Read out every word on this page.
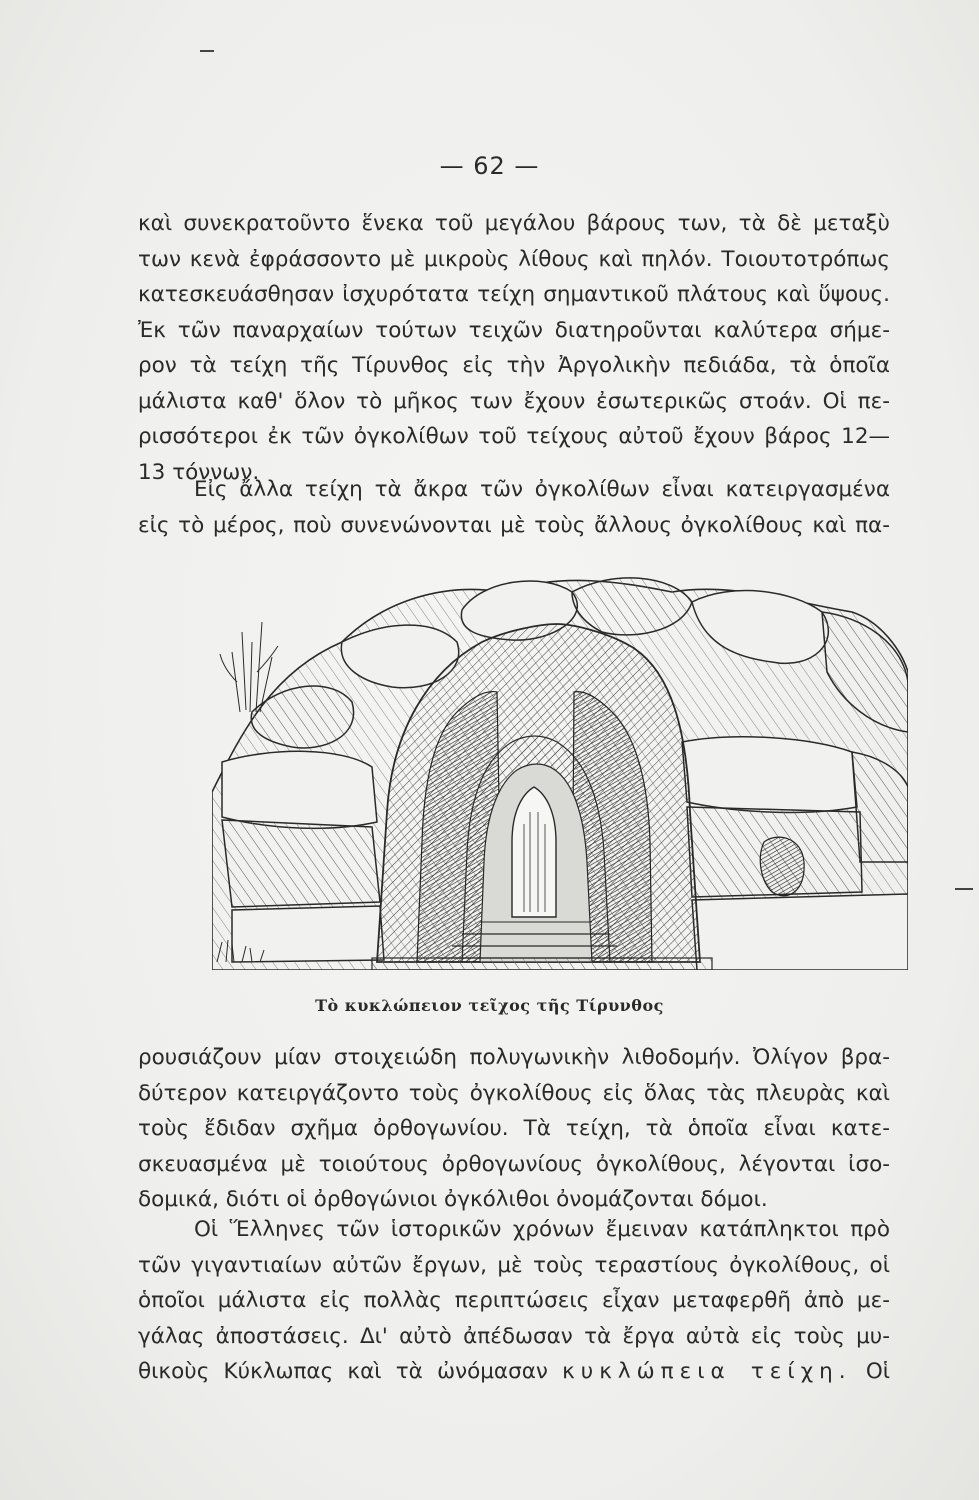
— 62 —
καὶ συνεκρατοῦντο ἕνεκα τοῦ μεγάλου βάρους των, τὰ δὲ μεταξὺ
των κενὰ ἐφράσσοντο μὲ μικροὺς λίθους καὶ πηλόν. Τοιουτοτρόπως
κατεσκευάσθησαν ἰσχυρότατα τείχη σημαντικοῦ πλάτους καὶ ὕψους.
Ἐκ τῶν παναρχαίων τούτων τειχῶν διατηροῦνται καλύτερα σήμε-
ρον τὰ τείχη τῆς Τίρυνθος εἰς τὴν Ἀργολικὴν πεδιάδα, τὰ ὁποῖα
μάλιστα καθ' ὅλον τὸ μῆκος των ἔχουν ἐσωτερικῶς στοάν. Οἱ πε-
ρισσότεροι ἐκ τῶν ὀγκολίθων τοῦ τείχους αὐτοῦ ἔχουν βάρος 12—
13 τόννων.
Εἰς ἄλλα τείχη τὰ ἄκρα τῶν ὀγκολίθων εἶναι κατειργασμένα
εἰς τὸ μέρος, ποὺ συνενώνονται μὲ τοὺς ἄλλους ὀγκολίθους καὶ πα-
Τὸ κυκλώπειον τεῖχος τῆς Τίρυνθος
ρουσιάζουν μίαν στοιχειώδη πολυγωνικὴν λιθοδομήν. Ὀλίγον βρα-
δύτερον κατειργάζοντο τοὺς ὀγκολίθους εἰς ὅλας τὰς πλευρὰς καὶ
τοὺς ἔδιδαν σχῆμα ὀρθογωνίου. Τὰ τείχη, τὰ ὁποῖα εἶναι κατε-
σκευασμένα μὲ τοιούτους ὀρθογωνίους ὀγκολίθους, λέγονται ἰσο-
δομικά, διότι οἱ ὀρθογώνιοι ὀγκόλιθοι ὀνομάζονται δόμοι.
Οἱ Ἕλληνες τῶν ἱστορικῶν χρόνων ἔμειναν κατάπληκτοι πρὸ
τῶν γιγαντιαίων αὐτῶν ἔργων, μὲ τοὺς τεραστίους ὀγκολίθους, οἱ
ὁποῖοι μάλιστα εἰς πολλὰς περιπτώσεις εἶχαν μεταφερθῆ ἀπὸ με-
γάλας ἀποστάσεις. Δι' αὐτὸ ἀπέδωσαν τὰ ἔργα αὐτὰ εἰς τοὺς μυ-
θικοὺς Κύκλωπας καὶ τὰ ὠνόμασαν κυκλώπεια τείχη. Οἱ
